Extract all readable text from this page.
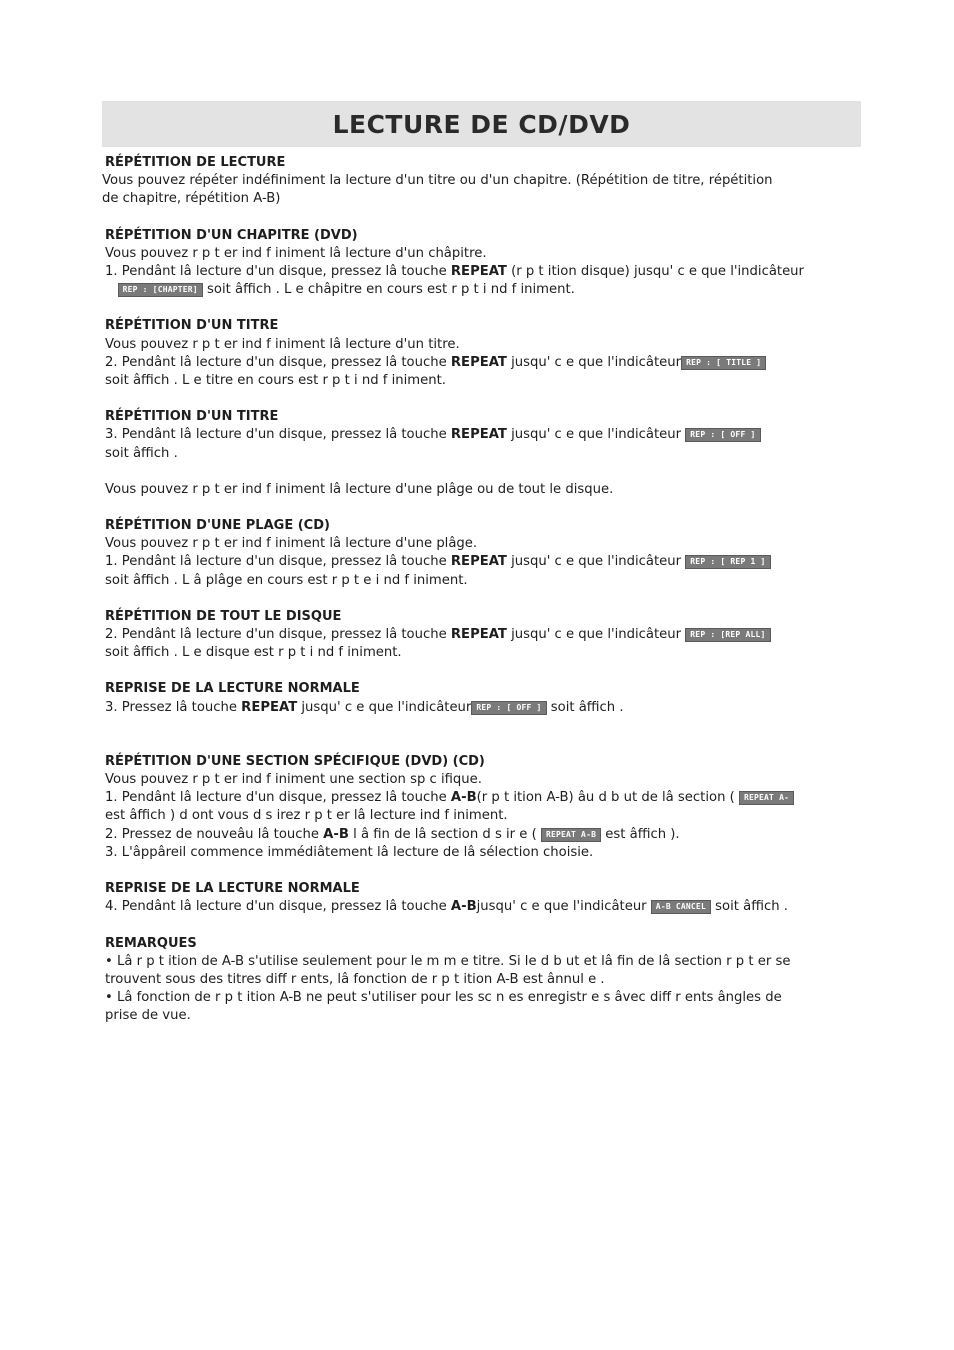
LECTURE DE CD/DVD

RÉPÉTITION DE LECTURE

Vous pouvez répéter indéfiniment la lecture d'un titre ou d'un chapitre. (Répétition de titre, répétition

de chapitre, répétition A-B)

RÉPÉTITION D'UN CHAPITRE (DVD)

Vous pouvez r p t er ind f iniment lâ lecture d'un châpitre.

1. Pendânt lâ lecture d'un disque, pressez lâ touche REPEAT (r p t ition disque) jusqu' c e que l'indicâteur

REP : [CHAPTER] soit âffich . L e châpitre en cours est r p t i nd f iniment.

RÉPÉTITION D'UN TITRE

Vous pouvez r p t er ind f iniment lâ lecture d'un titre.

2. Pendânt lâ lecture d'un disque, pressez lâ touche REPEAT jusqu' c e que l'indicâteur REP : [ TITLE ]

soit âffich . L e titre en cours est r p t i nd f iniment.

RÉPÉTITION D'UN TITRE

3. Pendânt lâ lecture d'un disque, pressez lâ touche REPEAT jusqu' c e que l'indicâteur REP : [ OFF ]

soit âffich .

Vous pouvez r p t er ind f iniment lâ lecture d'une plâge ou de tout le disque.

RÉPÉTITION D'UNE PLAGE (CD)

Vous pouvez r p t er ind f iniment lâ lecture d'une plâge.

1. Pendânt lâ lecture d'un disque, pressez lâ touche REPEAT jusqu' c e que l'indicâteur REP : [ REP 1 ]

soit âffich . L â plâge en cours est r p t e i nd f iniment.

RÉPÉTITION DE TOUT LE DISQUE

2. Pendânt lâ lecture d'un disque, pressez lâ touche REPEAT jusqu' c e que l'indicâteur REP : [REP ALL]

soit âffich . L e disque est r p t i nd f iniment.

REPRISE DE LA LECTURE NORMALE

3. Pressez lâ touche REPEAT jusqu' c e que l'indicâteur REP : [ OFF ] soit âffich .

RÉPÉTITION D'UNE SECTION SPÉCIFIQUE (DVD) (CD)

Vous pouvez r p t er ind f iniment une section sp c ifique.

1. Pendânt lâ lecture d'un disque, pressez lâ touche A-B(r p t ition A-B) âu d b ut de lâ section ( REPEAT A-

est âffich ) d ont vous d s irez r p t er lâ lecture ind f iniment.

2. Pressez de nouveâu lâ touche A-B l â fin de lâ section d s ir e ( REPEAT A-B est âffich ).

3. L'âppâreil commence immédiâtement lâ lecture de lâ sélection choisie.

REPRISE DE LA LECTURE NORMALE

4. Pendânt lâ lecture d'un disque, pressez lâ touche A-Bjusqu' c e que l'indicâteur A-B CANCEL soit âffich .

REMARQUES

• Lâ r p t ition de A-B s'utilise seulement pour le m m e titre. Si le d b ut et lâ fin de lâ section r p t er se

trouvent sous des titres diff r ents, lâ fonction de r p t ition A-B est ânnul e .

• Lâ fonction de r p t ition A-B ne peut s'utiliser pour les sc n es enregistr e s âvec diff r ents ângles de

prise de vue.
